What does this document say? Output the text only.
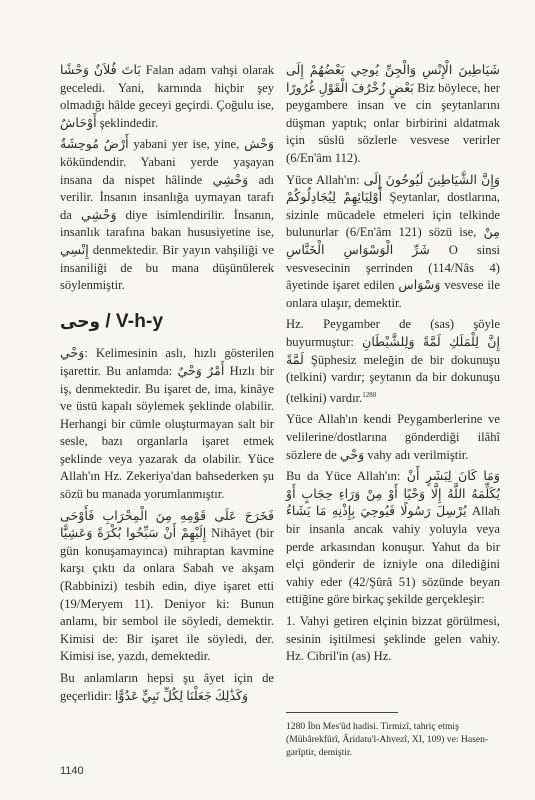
بَاتَ فُلاَنٌ وَحْشًا Falan adam vahşi olarak geceledi. Yani, karnında hiçbir şey olmadığı hâlde geceyi geçirdi. Çoğulu ise, أَوْحَاشٌ şeklindedir.

أَرْضٌ مُوحِشَةٌ yabani yer ise, yine, وَحْش kökündendir. Yabani yerde yaşayan insana da nispet hâlinde وَحْشِي adı verilir. İnsanın insanlığa uymayan tarafı da وَحْشِي diye isimlendirilir. İnsanın, insanlık tarafına bakan hususiyetine ise, إِنْسِي denmektedir. Bir yayın vahşiliği ve insaniliği de bu mana düşünülerek söylenmiştir.

وحى / V-h-y

وَحْي: Kelimesinin aslı, hızlı gösterilen işarettir. Bu anlamda: أَمْرٌ وَحْيٌ Hızlı bir iş, denmektedir. Bu işaret de, ima, kinâye ve üstü kapalı söylemek şeklinde olabilir. Herhangi bir cümle oluşturmayan salt bir sesle, bazı organlarla işaret etmek şeklinde veya yazarak da olabilir. Yüce Allah'ın Hz. Zekeriya'dan bahsederken şu sözü bu manada yorumlanmıştır.

فَخَرَجَ عَلَى قَوْمِهِ مِنَ الْمِحْرَابِ فَأَوْحَى إِلَيْهِمْ أَنْ سَبِّحُوا بُكْرَةً وَعَشِيًّا Nihâyet (bir gün konuşamayınca) mihraptan kavmine karşı çıktı da onlara Sabah ve akşam (Rabbinizi) tesbih edin, diye işaret etti (19/Meryem 11). Deniyor ki: Bunun anlamı, bir sembol ile söyledi, demektir. Kimisi de: Bir işaret ile söyledi, der. Kimisi ise, yazdı, demektedir.

Bu anlamların hepsi şu âyet için de geçerlidir: وَكَذَٰلِكَ جَعَلْنَا لِكُلِّ نَبِيٍّ عَدُوًّا

شَيَاطِينَ الْإِنْسِ وَالْجِنِّ يُوحِي بَعْضُهُمْ إِلَى بَعْضٍ زُخْرُفَ الْقَوْلِ غُرُورًا Biz böylece, her peygambere insan ve cin şeytanlarını düşman yaptık; onlar birbirini aldatmak için süslü sözlerle vesvese verirler (6/En'âm 112).

Yüce Allah'ın: وَإِنَّ الشَّيَاطِينَ لَيُوحُونَ إِلَى أَوْلِيَائِهِمْ لِيُجَادِلُوكُمْ Şeytanlar, dostlarına, sizinle mücadele etmeleri için telkinde bulunurlar (6/En'âm 121) sözü ise, مِنْ شَرِّ الْوَسْوَاسِ الْخَنَّاسِ O sinsi vesvesecinin şerrinden (114/Nâs 4) âyetinde işaret edilen وَسْوَاس vesvese ile onlara ulaşır, demektir.

Hz. Peygamber de (sas) şöyle buyurmuştur: إِنَّ لِلْمَلَكِ لَمَّةً وَلِلشَّيْطَانِ لَمَّةً Şüphesiz meleğin de bir dokunuşu (telkini) vardır; şeytanın da bir dokunuşu (telkini) vardır.$^{1280}$

Yüce Allah'ın kendi Peygamberlerine ve velilerine/dostlarına gönderdiği ilâhî sözlere de وَحْي vahy adı verilmiştir.

Bu da Yüce Allah'ın: وَمَا كَانَ لِبَشَرٍ أَنْ يُكَلِّمَهُ اللَّهُ إِلَّا وَحْيًا أَوْ مِنْ وَرَاءِ حِجَابٍ أَوْ يُرْسِلَ رَسُولًا فَيُوحِيَ بِإِذْنِهِ مَا يَشَاءُ Allah bir insanla ancak vahiy yoluyla veya perde arkasından konuşur. Yahut da bir elçi gönderir de izniyle ona dilediğini vahiy eder (42/Şûrâ 51) sözünde beyan ettiğine göre birkaç şekilde gerçekleşir:

1. Vahyi getiren elçinin bizzat görülmesi, sesinin işitilmesi şeklinde gelen vahiy. Hz. Cibril'in (as) Hz.

1280 İbn Mes'ûd hadisi. Tirmizî, tahriç etmiş (Mübârekfûrî, Âridatu'l-Ahvezî, XI, 109) ve: Hasen-garîptir, demiştir.
1140
